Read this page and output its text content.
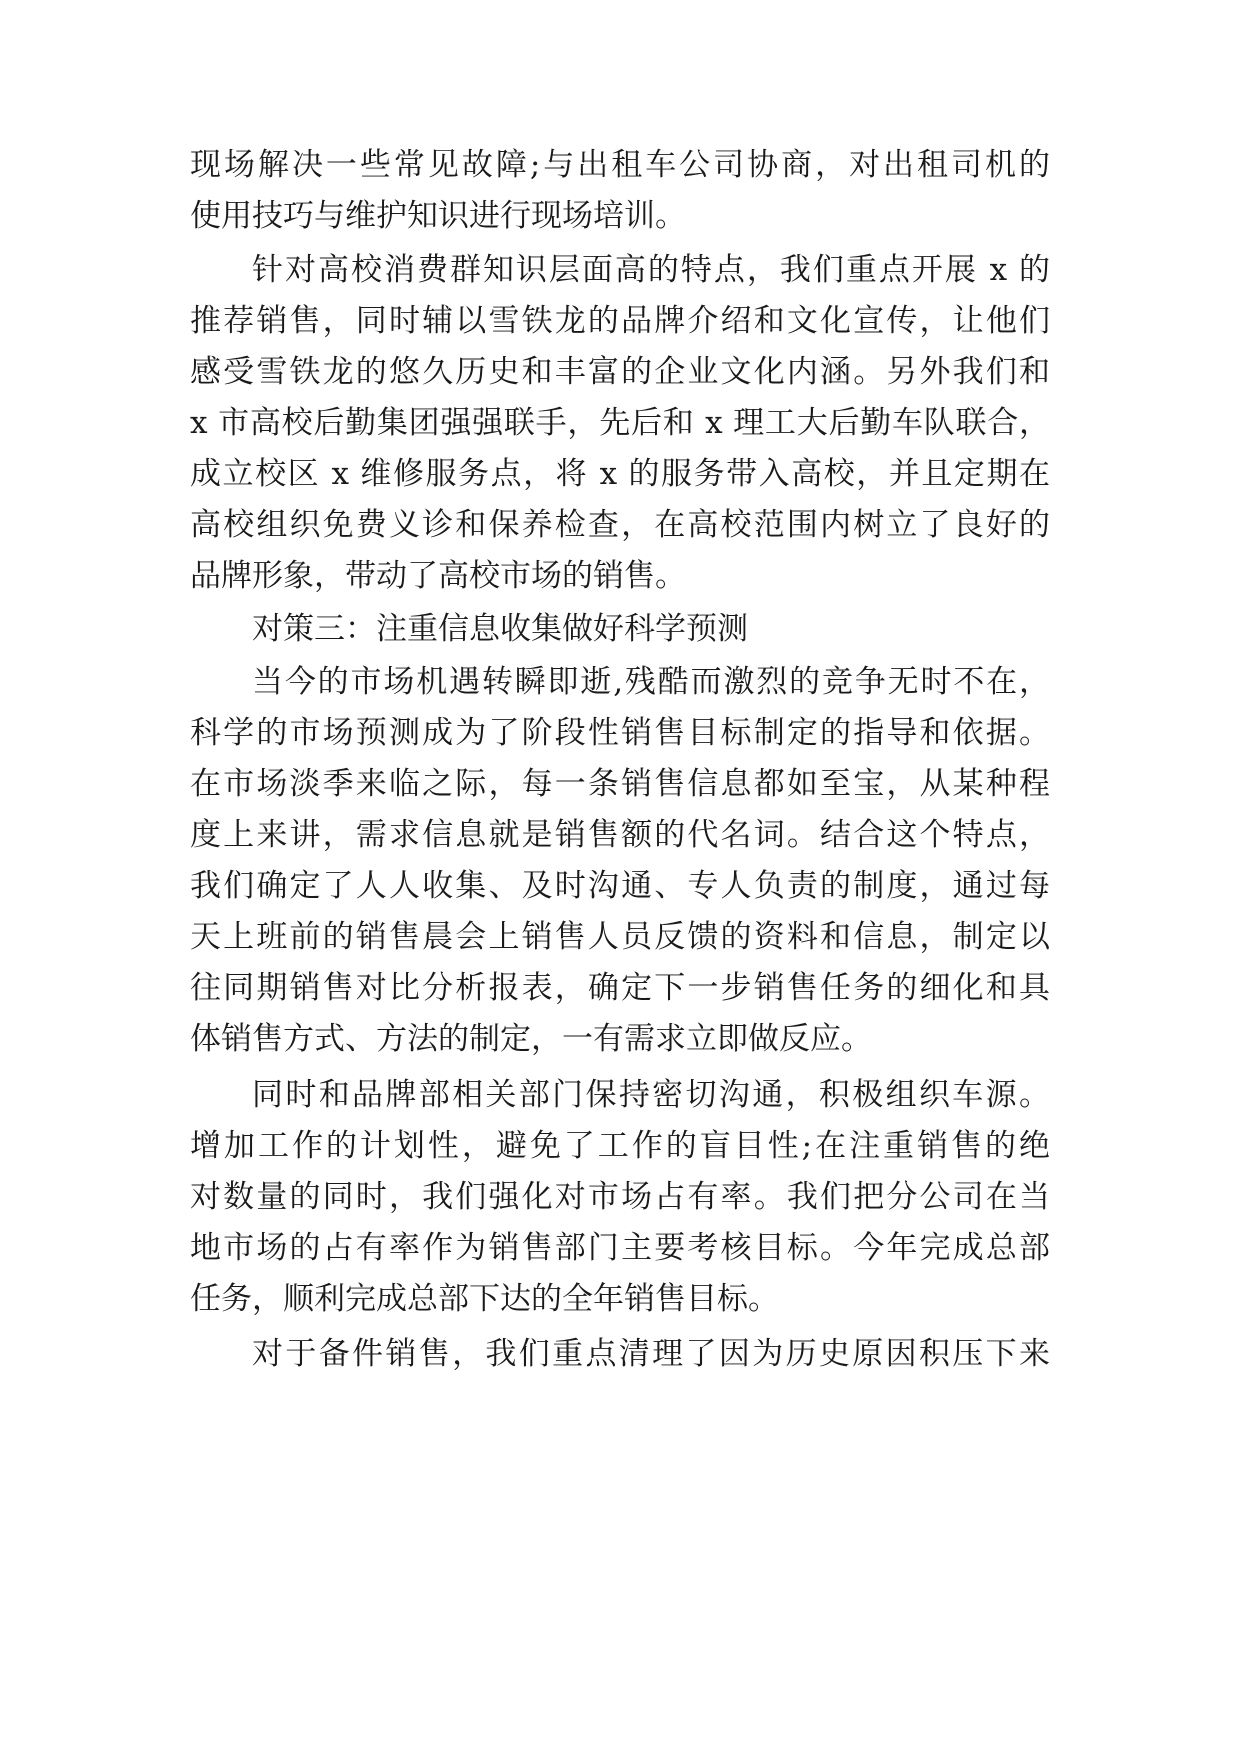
现场解决一些常见故障;与出租车公司协商，对出租司机的
使用技巧与维护知识进行现场培训。
针对高校消费群知识层面高的特点，我们重点开展 x 的
推荐销售，同时辅以雪铁龙的品牌介绍和文化宣传，让他们
感受雪铁龙的悠久历史和丰富的企业文化内涵。另外我们和
x 市高校后勤集团强强联手，先后和 x 理工大后勤车队联合，
成立校区 x 维修服务点，将 x 的服务带入高校，并且定期在
高校组织免费义诊和保养检查，在高校范围内树立了良好的
品牌形象，带动了高校市场的销售。
对策三：注重信息收集做好科学预测
当今的市场机遇转瞬即逝,残酷而激烈的竞争无时不在，
科学的市场预测成为了阶段性销售目标制定的指导和依据。
在市场淡季来临之际，每一条销售信息都如至宝，从某种程
度上来讲，需求信息就是销售额的代名词。结合这个特点，
我们确定了人人收集、及时沟通、专人负责的制度，通过每
天上班前的销售晨会上销售人员反馈的资料和信息，制定以
往同期销售对比分析报表，确定下一步销售任务的细化和具
体销售方式、方法的制定，一有需求立即做反应。
同时和品牌部相关部门保持密切沟通，积极组织车源。
增加工作的计划性，避免了工作的盲目性;在注重销售的绝
对数量的同时，我们强化对市场占有率。我们把分公司在当
地市场的占有率作为销售部门主要考核目标。今年完成总部
任务，顺利完成总部下达的全年销售目标。
对于备件销售，我们重点清理了因为历史原因积压下来
